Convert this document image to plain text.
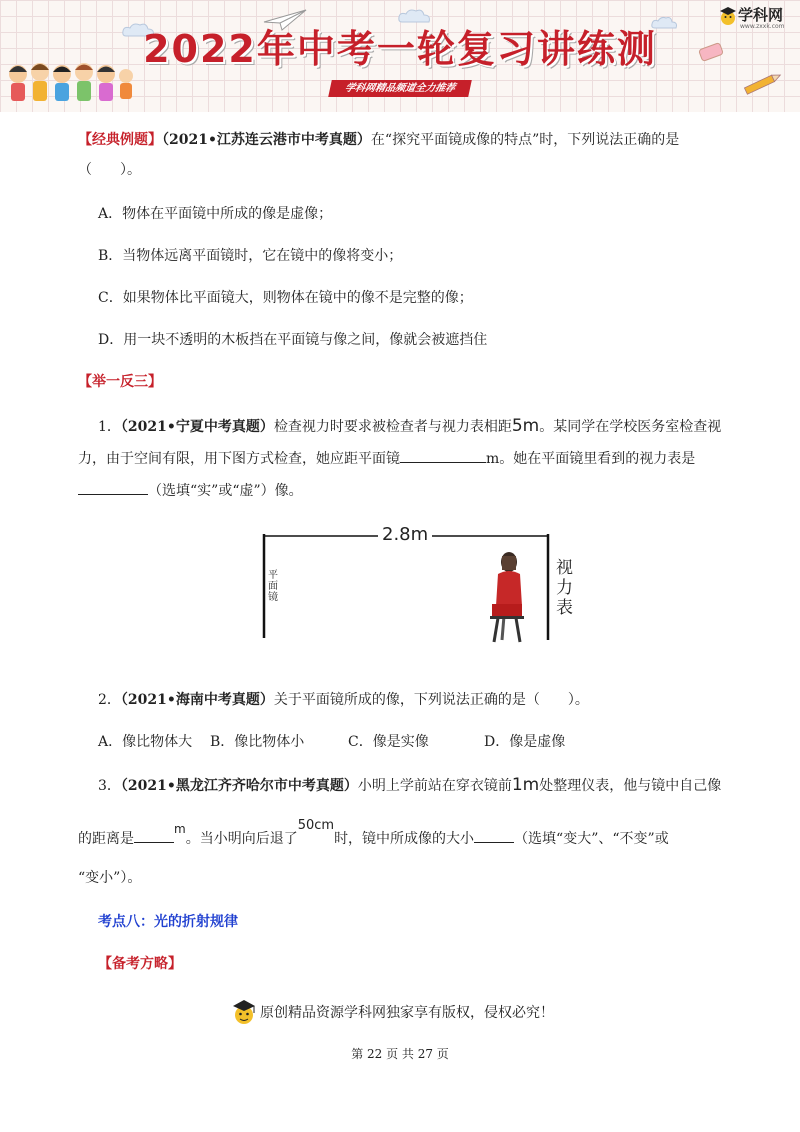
2022年中考一轮复习讲练测
学科网精品频道全力推荐
学科网
www.zxxk.com
【经典例题】（2021•江苏连云港市中考真题）在“探究平面镜成像的特点”时，下列说法正确的是
（　　）。
A．物体在平面镜中所成的像是虚像；
B．当物体远离平面镜时，它在镜中的像将变小；
C．如果物体比平面镜大，则物体在镜中的像不是完整的像；
D．用一块不透明的木板挡在平面镜与像之间，像就会被遮挡住
【举一反三】
1．（2021•宁夏中考真题）检查视力时要求被检查者与视力表相距5m。某同学在学校医务室检查视
力，由于空间有限，用下图方式检查，她应距平面镜	m。她在平面镜里看到的视力表是
（选填“实”或“虚”）像。
2.8m
平面镜
视力表
2．（2021•海南中考真题）关于平面镜所成的像，下列说法正确的是（　　）。
A．像比物体大 B．像比物体小	C．像是实像	D．像是虚像
3．（2021•黑龙江齐齐哈尔市中考真题）小明上学前站在穿衣镜前1m处整理仪表，他与镜中自己像
的距离是m。当小明向后退了50cm时，镜中所成像的大小	（选填“变大”、“不变”或
“变小”）。
考点八：光的折射规律
【备考方略】
原创精品资源学科网独家享有版权，侵权必究！
第 22 页 共 27 页
